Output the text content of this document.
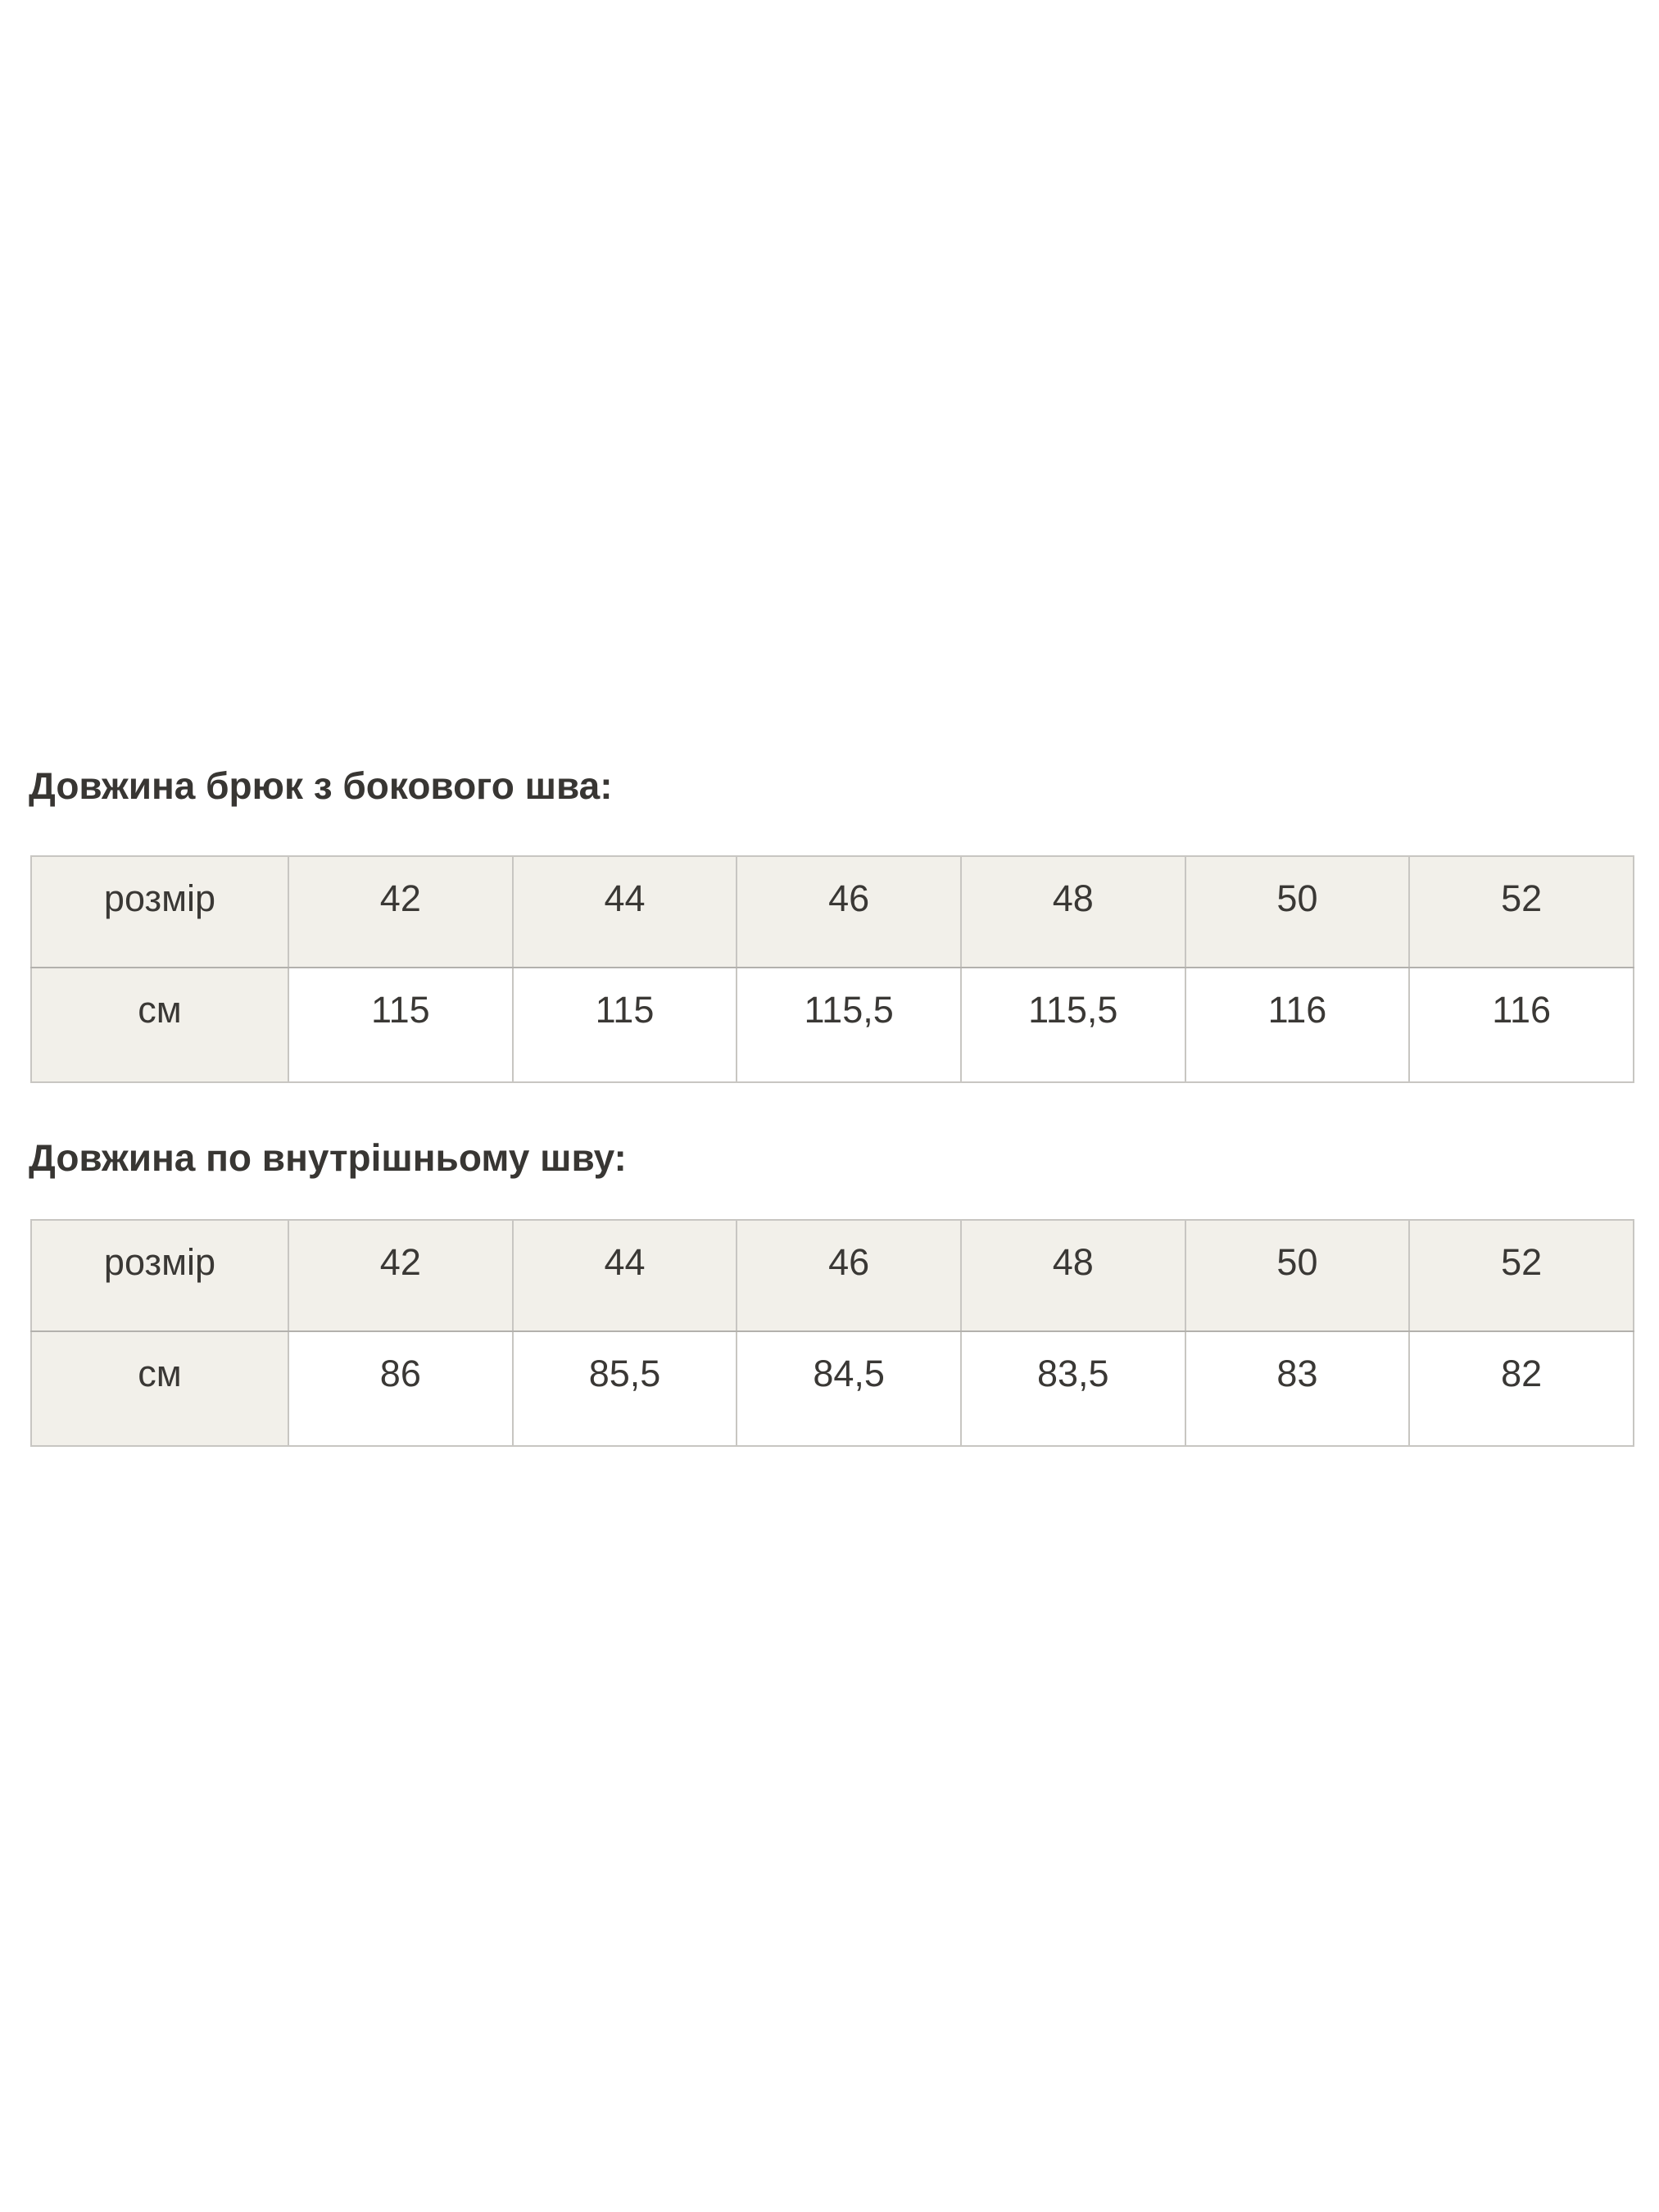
Довжина брюк з бокового шва:
розмір	42	44	46	48	50	52
см	115	115	115,5	115,5	116	116
Довжина по внутрішньому шву:
розмір	42	44	46	48	50	52
см	86	85,5	84,5	83,5	83	82
